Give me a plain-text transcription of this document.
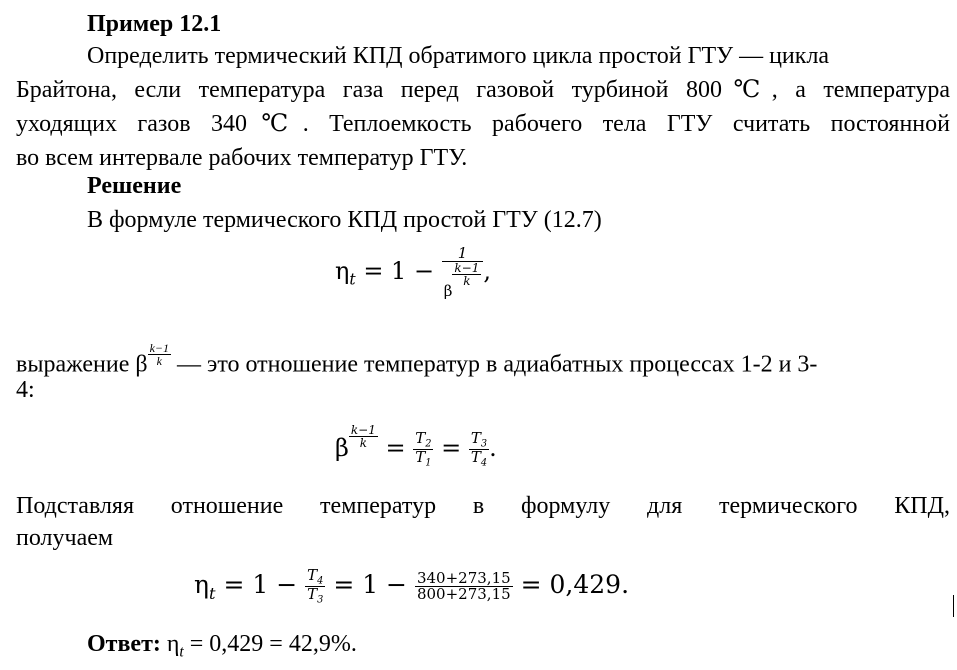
Пример 12.1
Определить термический КПД обратимого цикла простой ГТУ — цикла
Брайтона, если температура газа перед газовой турбиной 800℃, а температура
уходящих газов 340℃. Теплоемкость рабочего тела ГТУ считать постоянной
во всем интервале рабочих температур ГТУ.
Решение
В формуле термического КПД простой ГТУ (12.7)
$\eta_t = 1 - 1$
β
$\frac{k-1}{k}$ ,
выражение β $\frac{k-1}{k}$ — это отношение температур в адиабатных процессах 1-2 и 3-
4:
β $\frac{k-1}{k} = \frac{T_2}{T_1} = \frac{T_3}{T_4}$ .
Подставляя отношение температур в формулу для термического КПД,
получаем
$\eta_t = 1 - \frac{T_4}{T_3} = 1 - \frac{340+273,15}{800+273,15} = 0,429$.
Ответ: $\eta_t = 0,429 = 42,9\%$.
